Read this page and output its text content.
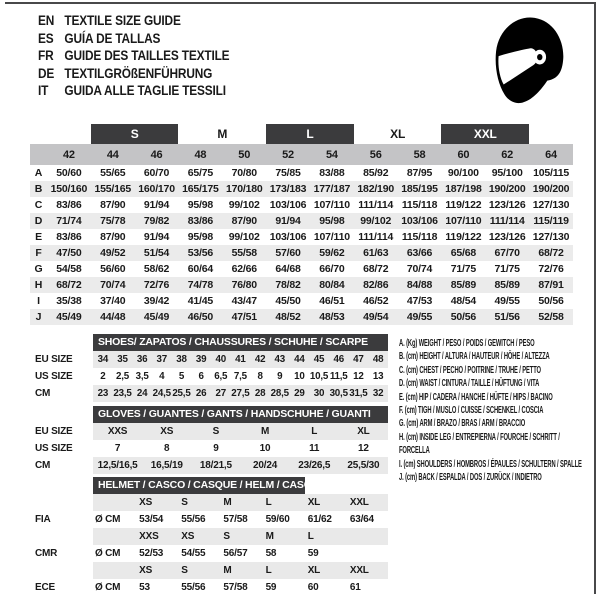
EN TEXTILE SIZE GUIDE
ES GUÍA DE TALLAS
FR GUIDE DES TAILLES TEXTILE
DE TEXTILGRÖßENFÜHRUNG
IT GUIDA ALLE TAGLIE TESSILI
		S		M		L		XL		XXL		
	42	44	46	48	50	52	54	56	58	60	62	64
A	50/60	55/65	60/70	65/75	70/80	75/85	83/88	85/92	87/95	90/100	95/100	105/115
B	150/160	155/165	160/170	165/175	170/180	173/183	177/187	182/190	185/195	187/198	190/200	190/200
C	83/86	87/90	91/94	95/98	99/102	103/106	107/110	111/114	115/118	119/122	123/126	127/130
D	71/74	75/78	79/82	83/86	87/90	91/94	95/98	99/102	103/106	107/110	111/114	115/119
E	83/86	87/90	91/94	95/98	99/102	103/106	107/110	111/114	115/118	119/122	123/126	127/130
F	47/50	49/52	51/54	53/56	55/58	57/60	59/62	61/63	63/66	65/68	67/70	68/72
G	54/58	56/60	58/62	60/64	62/66	64/68	66/70	68/72	70/74	71/75	71/75	72/76
H	68/72	70/74	72/76	74/78	76/80	78/82	80/84	82/86	84/88	85/89	85/89	87/91
I	35/38	37/40	39/42	41/45	43/47	45/50	46/51	46/52	47/53	48/54	49/55	50/56
J	45/49	44/48	45/49	46/50	47/51	48/52	48/53	49/54	49/55	50/56	51/56	52/58

	SHOES/ ZAPATOS / CHAUSSURES / SCHUHE / SCARPE														

EU SIZE	34	35	36	37	38	39	40	41	42	43	44	45	46	47	48
US SIZE	2	2,5	3,5	4	5	6	6,5	7,5	8	9	10	10,5	11,5	12	13
CM	23	23,5	24	24,5	25,5	26	27	27,5	28	28,5	29	30	30,5	31,5	32

	GLOVES / GUANTES / GANTS / HANDSCHUHE / GUANTI					

EU SIZE	XXS	XS	S	M	L	XL
US SIZE	7	8	9	10	11	12
CM	12,5/16,5	16,5/19	18/21,5	20/24	23/26,5	25,5/30

	HELMET / CASCO / CASQUE / HELM / CASCO						

		XS	S	M	L	XL	XXL
FIA	Ø CM	53/54	55/56	57/58	59/60	61/62	63/64
		XXS	XS	S	M	L	
CMR	Ø CM	52/53	54/55	56/57	58	59	
		XS	S	M	L	XL	XXL
ECE	Ø CM	53	55/56	57/58	59	60	61
A. (Kg) WEIGHT / PESO / POIDS / GEWITCH / PESO
B. (cm) HEIGHT / ALTURA / HAUTEUR / HÖHE / ALTEZZA
C. (cm) CHEST / PECHO / POITRINE / TRUHE / PETTO
D. (cm) WAIST / CINTURA / TAILLE / HÜFTUNG / VITA
E. (cm) HIP / CADERA / HANCHE / HÜFTE / HIPS / BACINO
F. (cm) TIGH / MUSLO / CUISSE / SCHENKEL / COSCIA
G. (cm) ARM / BRAZO / BRAS / ARM / BRACCIO
H. (cm) INSIDE LEG / ENTREPIERNA / FOURCHE / SCHRITT / FORCELLA
I. (cm) SHOULDERS / HOMBROS / ÉPAULES / SCHULTERN / SPALLE
J. (cm) BACK / ESPALDA / DOS / ZURÜCK / INDIETRO
